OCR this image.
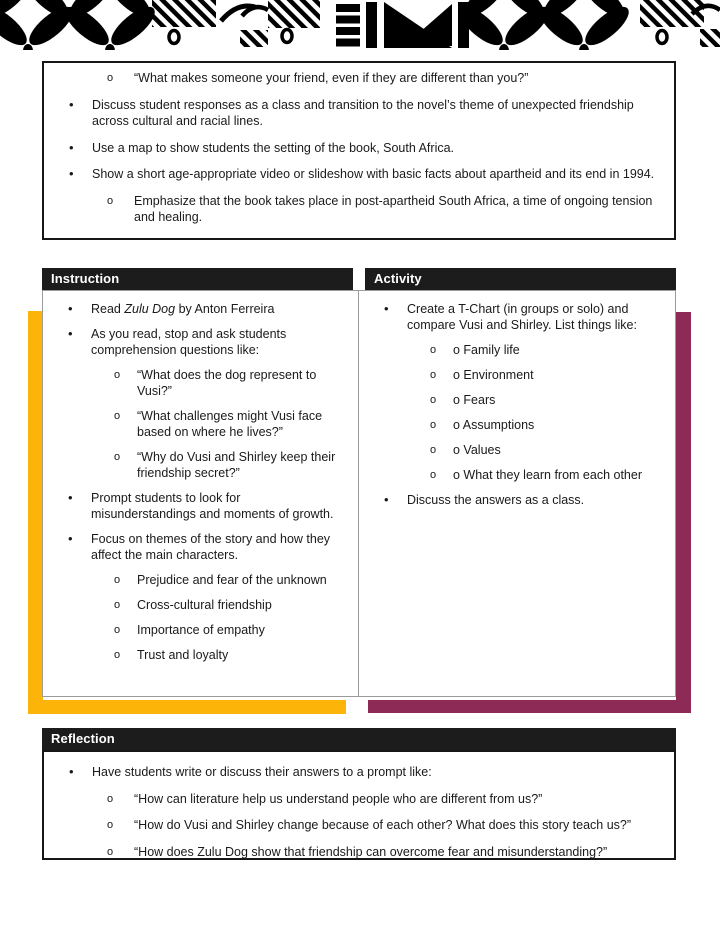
o “What makes someone your friend, even if they are different than you?”
• Discuss student responses as a class and transition to the novel’s theme of unexpected friendship across cultural and racial lines.
• Use a map to show students the setting of the book, South Africa.
• Show a short age-appropriate video or slideshow with basic facts about apartheid and its end in 1994.
o Emphasize that the book takes place in post-apartheid South Africa, a time of ongoing tension and healing.
Instruction	Activity
• Read Zulu Dog by Anton Ferreira
• As you read, stop and ask students comprehension questions like:
o “What does the dog represent to Vusi?”
o “What challenges might Vusi face based on where he lives?”
o “Why do Vusi and Shirley keep their friendship secret?”
• Prompt students to look for misunderstandings and moments of growth.
• Focus on themes of the story and how they affect the main characters.
o Prejudice and fear of the unknown
o Cross-cultural friendship
o Importance of empathy
o Trust and loyalty
• Create a T-Chart (in groups or solo) and compare Vusi and Shirley. List things like:
o o Family life
o o Environment
o o Fears
o o Assumptions
o o Values
o o What they learn from each other
• Discuss the answers as a class.
Reflection
• Have students write or discuss their answers to a prompt like:
o “How can literature help us understand people who are different from us?”
o “How do Vusi and Shirley change because of each other? What does this story teach us?”
o “How does Zulu Dog show that friendship can overcome fear and misunderstanding?”
